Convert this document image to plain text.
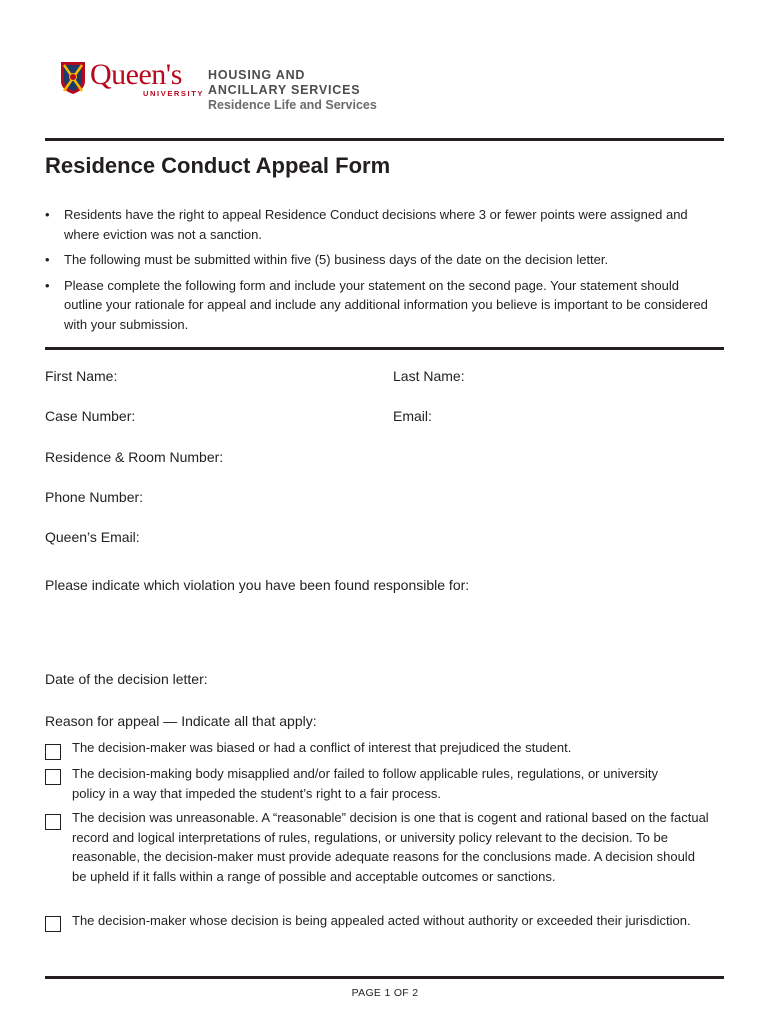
Queen's
UNIVERSITY
HOUSING AND
ANCILLARY SERVICES
Residence Life and Services
Residence Conduct Appeal Form
• Residents have the right to appeal Residence Conduct decisions where 3 or fewer points were assigned and where eviction was not a sanction.
• The following must be submitted within five (5) business days of the date on the decision letter.
• Please complete the following form and include your statement on the second page. Your statement should outline your rationale for appeal and include any additional information you believe is important to be considered with your submission.
First Name:	Last Name:
Case Number:	Email:
Residence & Room Number:
Phone Number:
Queen’s Email:
Please indicate which violation you have been found responsible for:
Date of the decision letter:
Reason for appeal — Indicate all that apply:
The decision-maker was biased or had a conflict of interest that prejudiced the student.
The decision-making body misapplied and/or failed to follow applicable rules, regulations, or university policy in a way that impeded the student’s right to a fair process.
The decision was unreasonable. A “reasonable” decision is one that is cogent and rational based on the factual record and logical interpretations of rules, regulations, or university policy relevant to the decision. To be reasonable, the decision-maker must provide adequate reasons for the conclusions made. A decision should be upheld if it falls within a range of possible and acceptable outcomes or sanctions.
The decision-maker whose decision is being appealed acted without authority or exceeded their jurisdiction.
PAGE 1 OF 2
